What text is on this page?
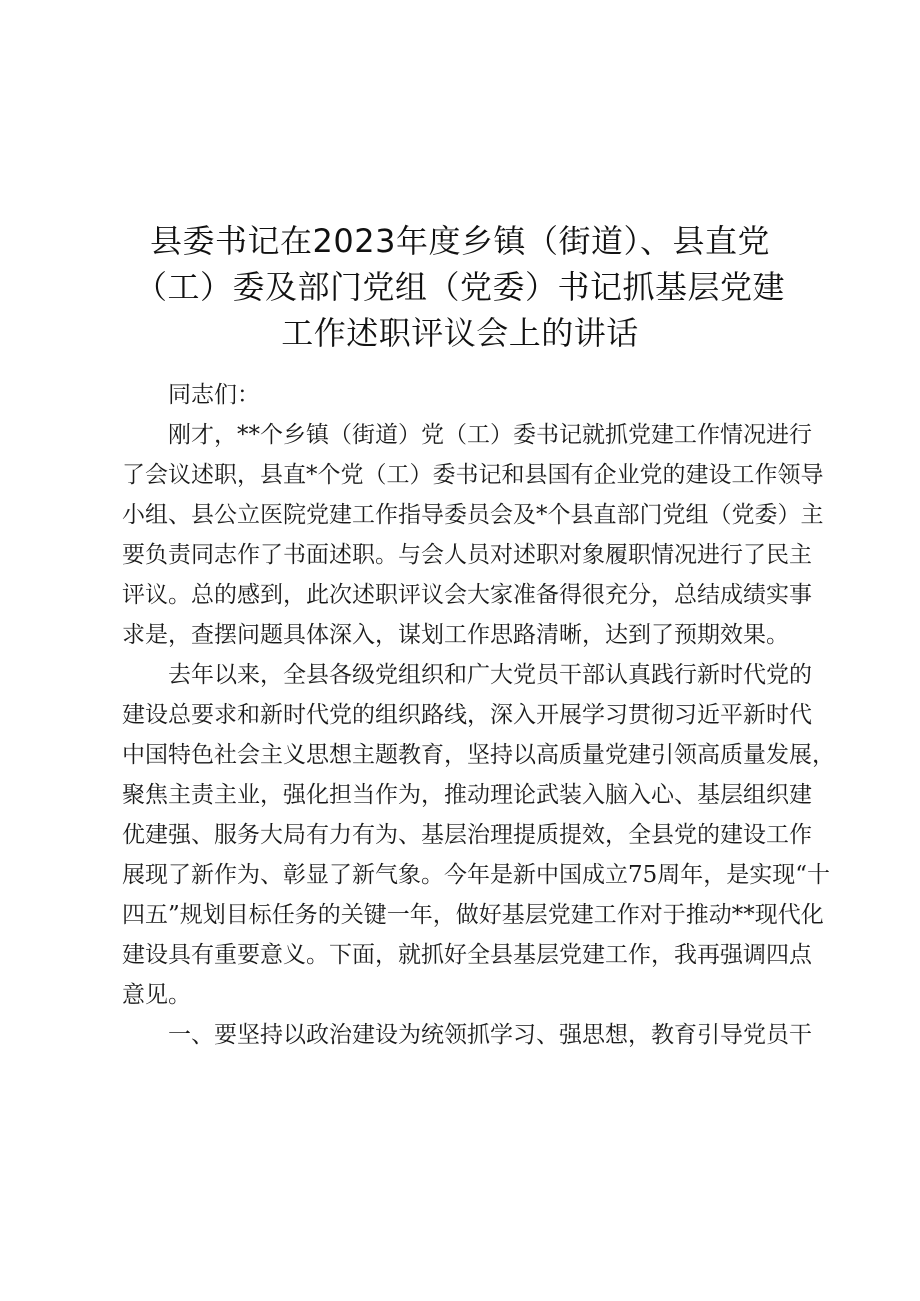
县委书记在2023年度乡镇（街道）、县直党
（工）委及部门党组（党委）书记抓基层党建
工作述职评议会上的讲话
同志们：
刚才，**个乡镇（街道）党（工）委书记就抓党建工作情况进行
了会议述职，县直*个党（工）委书记和县国有企业党的建设工作领导
小组、县公立医院党建工作指导委员会及*个县直部门党组（党委）主
要负责同志作了书面述职。与会人员对述职对象履职情况进行了民主
评议。总的感到，此次述职评议会大家准备得很充分，总结成绩实事
求是，查摆问题具体深入，谋划工作思路清晰，达到了预期效果。
去年以来，全县各级党组织和广大党员干部认真践行新时代党的
建设总要求和新时代党的组织路线，深入开展学习贯彻习近平新时代
中国特色社会主义思想主题教育，坚持以高质量党建引领高质量发展，
聚焦主责主业，强化担当作为，推动理论武装入脑入心、基层组织建
优建强、服务大局有力有为、基层治理提质提效，全县党的建设工作
展现了新作为、彰显了新气象。今年是新中国成立75周年，是实现“十
四五”规划目标任务的关键一年，做好基层党建工作对于推动**现代化
建设具有重要意义。下面，就抓好全县基层党建工作，我再强调四点
意见。
一、要坚持以政治建设为统领抓学习、强思想，教育引导党员干
